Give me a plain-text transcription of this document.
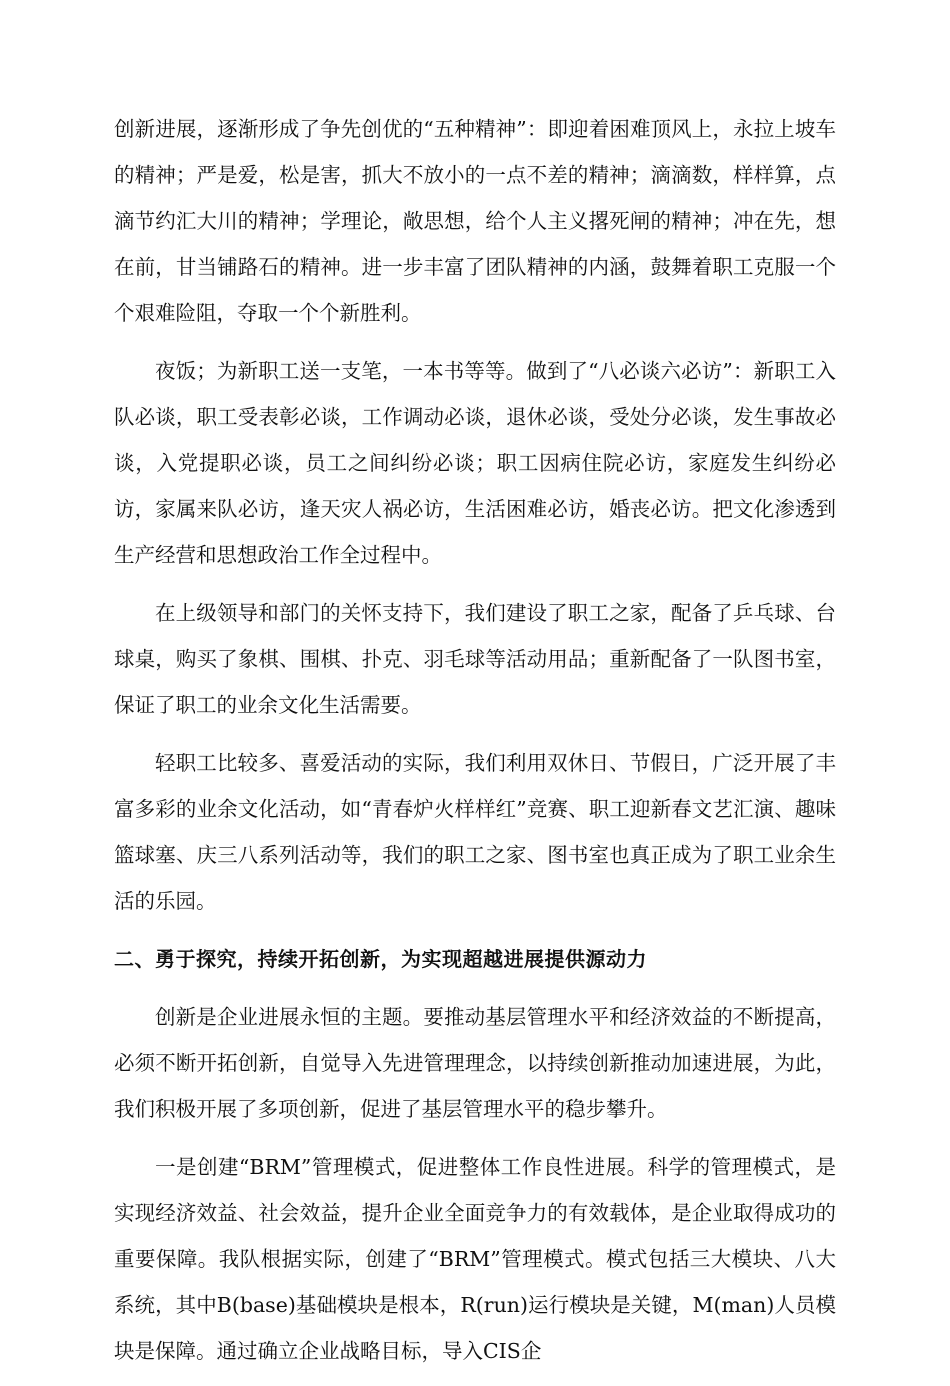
创新进展，逐渐形成了争先创优的“五种精神”：即迎着困难顶风上，永拉上坡车的精神；严是爱，松是害，抓大不放小的一点不差的精神；滴滴数，样样算，点滴节约汇大川的精神；学理论，敞思想，给个人主义撂死闸的精神；冲在先，想在前，甘当铺路石的精神。进一步丰富了团队精神的内涵，鼓舞着职工克服一个个艰难险阻，夺取一个个新胜利。

夜饭；为新职工送一支笔，一本书等等。做到了“八必谈六必访”：新职工入队必谈，职工受表彰必谈，工作调动必谈，退休必谈，受处分必谈，发生事故必谈，入党提职必谈，员工之间纠纷必谈；职工因病住院必访，家庭发生纠纷必访，家属来队必访，逢天灾人祸必访，生活困难必访，婚丧必访。把文化渗透到生产经营和思想政治工作全过程中。

在上级领导和部门的关怀支持下，我们建设了职工之家，配备了乒乓球、台球桌，购买了象棋、围棋、扑克、羽毛球等活动用品；重新配备了一队图书室，保证了职工的业余文化生活需要。

轻职工比较多、喜爱活动的实际，我们利用双休日、节假日，广泛开展了丰富多彩的业余文化活动，如“青春炉火样样红”竞赛、职工迎新春文艺汇演、趣味篮球塞、庆三八系列活动等，我们的职工之家、图书室也真正成为了职工业余生活的乐园。

二、勇于探究，持续开拓创新，为实现超越进展提供源动力

创新是企业进展永恒的主题。要推动基层管理水平和经济效益的不断提高，必须不断开拓创新，自觉导入先进管理理念，以持续创新推动加速进展，为此，我们积极开展了多项创新，促进了基层管理水平的稳步攀升。

一是创建“BRM”管理模式，促进整体工作良性进展。科学的管理模式，是实现经济效益、社会效益，提升企业全面竞争力的有效载体，是企业取得成功的重要保障。我队根据实际，创建了“BRM”管理模式。模式包括三大模块、八大系统，其中B(base)基础模块是根本，R(run)运行模块是关键，M(man)人员模块是保障。通过确立企业战略目标，导入CIS企
